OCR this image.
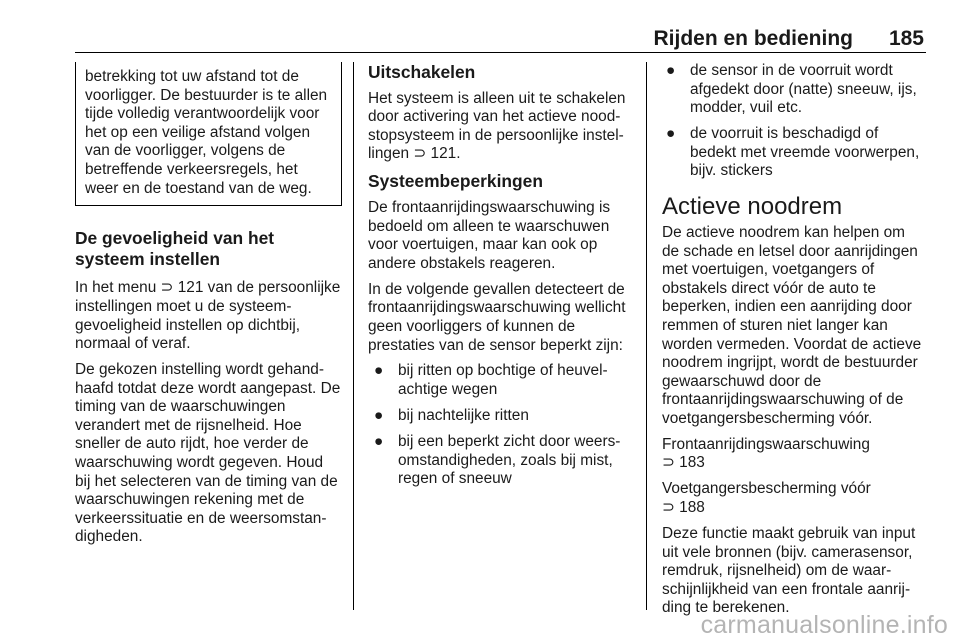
Rijden en bediening 185

betrekking tot uw afstand tot de voorligger. De bestuurder is te allen tijde volledig verantwoordelijk voor het op een veilige afstand volgen van de voorligger, volgens de betreffende verkeersregels, het weer en de toestand van de weg.

De gevoeligheid van het systeem instellen

In het menu ⊃ 121 van de persoonlijke instellingen moet u de systeemgevoeligheid instellen op dichtbij, normaal of veraf.

De gekozen instelling wordt gehandhaafd totdat deze wordt aangepast. De timing van de waarschuwingen verandert met de rijsnelheid. Hoe sneller de auto rijdt, hoe verder de waarschuwing wordt gegeven. Houd bij het selecteren van de timing van de waarschuwingen rekening met de verkeerssituatie en de weersomstandigheden.

Uitschakelen

Het systeem is alleen uit te schakelen door activering van het actieve noodstopsysteem in de persoonlijke instellingen ⊃ 121.

Systeembeperkingen

De frontaanrijdingswaarschuwing is bedoeld om alleen te waarschuwen voor voertuigen, maar kan ook op andere obstakels reageren.

In de volgende gevallen detecteert de frontaanrijdingswaarschuwing wellicht geen voorliggers of kunnen de prestaties van de sensor beperkt zijn:

● bij ritten op bochtige of heuvelachtige wegen
● bij nachtelijke ritten
● bij een beperkt zicht door weersomstandigheden, zoals bij mist, regen of sneeuw
● de sensor in de voorruit wordt afgedekt door (natte) sneeuw, ijs, modder, vuil etc.
● de voorruit is beschadigd of bedekt met vreemde voorwerpen, bijv. stickers
Actieve noodrem

De actieve noodrem kan helpen om de schade en letsel door aanrijdingen met voertuigen, voetgangers of obstakels direct vóór de auto te beperken, indien een aanrijding door remmen of sturen niet langer kan worden vermeden. Voordat de actieve noodrem ingrijpt, wordt de bestuurder gewaarschuwd door de frontaanrijdingswaarschuwing of de voetgangersbescherming vóór.

Frontaanrijdingswaarschuwing
⊃ 183

Voetgangersbescherming vóór
⊃ 188

Deze functie maakt gebruik van input uit vele bronnen (bijv. camerasensor, remdruk, rijsnelheid) om de waarschijnlijkheid van een frontale aanrijding te berekenen.

carmanualsonline.info
